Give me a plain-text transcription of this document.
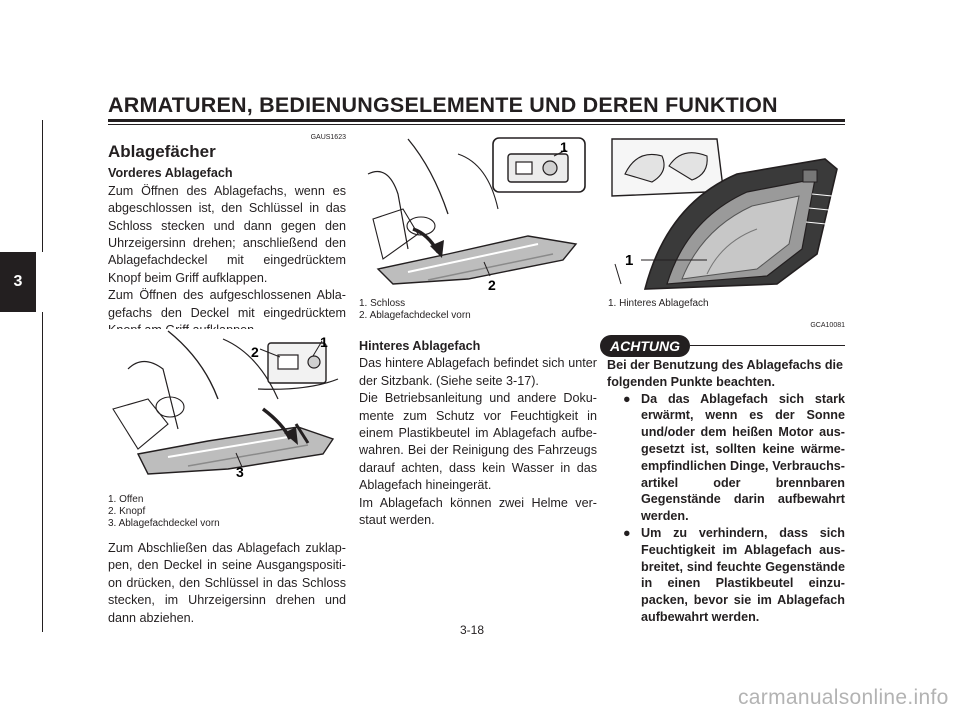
ARMATUREN, BEDIENUNGSELEMENTE UND DEREN FUNKTION
3
GAUS1623

Ablagefächer

Vorderes Ablagefach

Zum Öffnen des Ablagefachs, wenn es abgeschlossen ist, den Schlüssel in das Schloss stecken und dann gegen den Uhrzeigersinn drehen; anschließend den Ablagefachdeckel mit eingedrücktem Knopf beim Griff aufklappen.

Zum Öffnen des aufgeschlossenen Abla-gefachs den Deckel mit eingedrücktem

2
1
3

1. Offen

2. Knopf

3. Ablagefachdeckel vorn

Zum Abschließen das Ablagefach zuklap-pen, den Deckel in seine Ausgangspositi-on drücken, den Schlüssel in das Schloss stecken, im Uhrzeigersinn drehen und dann abziehen.

1
2

1. Schloss

2. Ablagefachdeckel vorn

Hinteres Ablagefach

Das hintere Ablagefach befindet sich unter der Sitzbank. (Siehe seite 3-17).

Die Betriebsanleitung und andere Doku-mente zum Schutz vor Feuchtigkeit in einem Plastikbeutel im Ablagefach aufbe-wahren. Bei der Reinigung des Fahrzeugs darauf achten, dass kein Wasser in das Ablagefach hineingerät.

Im Ablagefach können zwei Helme ver-staut werden.

1

1. Hinteres Ablagefach

GCA10081
ACHTUNG

Bei der Benutzung des Ablagefachs die folgenden Punkte beachten.

● Da das Ablagefach sich stark erwärmt, wenn es der Sonne und/oder dem heißen Motor aus-gesetzt ist, sollten keine wärme-empfindlichen Dinge, Verbrauchs-artikel oder brennbaren Gegenstände darin aufbewahrt werden.
● Um zu verhindern, dass sich Feuchtigkeit im Ablagefach aus-breitet, sind feuchte Gegenstände in einen Plastikbeutel einzu-packen, bevor sie im Ablagefach aufbewahrt werden.
3-18
carmanualsonline.info
